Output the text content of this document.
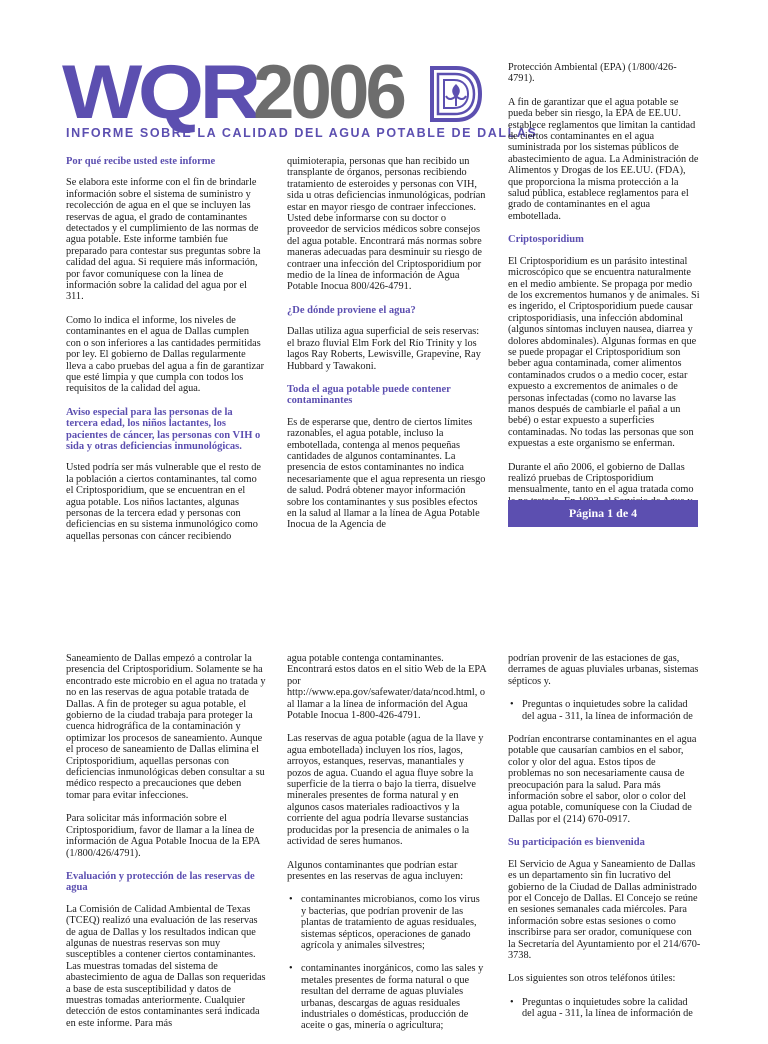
WQR
2006
INFORME SOBRE LA CALIDAD DEL AGUA POTABLE DE DALLAS
Por qué recibe usted este informe

Se elabora este informe con el fin de brindarle información sobre el sistema de suministro y recolección de agua en el que se incluyen las reservas de agua, el grado de contaminantes detectados y el cumplimiento de las normas de agua potable. Este informe también fue preparado para contestar sus preguntas sobre la calidad del agua. Si requiere más información, por favor comuníquese con la línea de información sobre la calidad del agua por el 311.

Como lo indica el informe, los niveles de contaminantes en el agua de Dallas cumplen con o son inferiores a las cantidades permitidas por ley. El gobierno de Dallas regularmente lleva a cabo pruebas del agua a fin de garantizar que esté limpia y que cumpla con todos los requisitos de la calidad del agua.

Aviso especial para las personas de la tercera edad, los niños lactantes, los pacientes de cáncer, las personas con VIH o sida y otras deficiencias inmunológicas.

Usted podría ser más vulnerable que el resto de la población a ciertos contaminantes, tal como el Criptosporidium, que se encuentran en el agua potable. Los niños lactantes, algunas personas de la tercera edad y personas con deficiencias en su sistema inmunológico como aquellas personas con cáncer recibiendo

quimioterapia, personas que han recibido un transplante de órganos, personas recibiendo tratamiento de esteroides y personas con VIH, sida u otras deficiencias inmunológicas, podrían estar en mayor riesgo de contraer infecciones. Usted debe informarse con su doctor o proveedor de servicios médicos sobre consejos del agua potable. Encontrará más normas sobre maneras adecuadas para desminuir su riesgo de contraer una infección del Criptosporidium por medio de la línea de información de Agua Potable Inocua 800/426-4791.

¿De dónde proviene el agua?

Dallas utiliza agua superficial de seis reservas: el brazo fluvial Elm Fork del Río Trinity y los lagos Ray Roberts, Lewisville, Grapevine, Ray Hubbard y Tawakoni.

Toda el agua potable puede contener contaminantes

Es de esperarse que, dentro de ciertos límites razonables, el agua potable, incluso la embotellada, contenga al menos pequeñas cantidades de algunos contaminantes. La presencia de estos contaminantes no indica necesariamente que el agua representa un riesgo de salud. Podrá obtener mayor información sobre los contaminantes y sus posibles efectos en la salud al llamar a la línea de Agua Potable Inocua de la Agencia de

Protección Ambiental (EPA) (1/800/426-4791).

A fin de garantizar que el agua potable se pueda beber sin riesgo, la EPA de EE.UU. establece reglamentos que limitan la cantidad de ciertos contaminantes en el agua suministrada por los sistemas públicos de abastecimiento de agua. La Administración de Alimentos y Drogas de los EE.UU. (FDA), que proporciona la misma protección a la salud pública, establece reglamentos para el grado de contaminantes en el agua embotellada.

Criptosporidium

El Criptosporidium es un parásito intestinal microscópico que se encuentra naturalmente en el medio ambiente. Se propaga por medio de los excrementos humanos y de animales. Si es ingerido, el Criptosporidium puede causar criptosporidiasis, una infección abdominal (algunos síntomas incluyen nausea, diarrea y dolores abdominales). Algunas formas en que se puede propagar el Criptosporidium son beber agua contaminada, comer alimentos contaminados crudos o a medio cocer, estar expuesto a excrementos de animales o de personas infectadas (como no lavarse las manos después de cambiarle el pañal a un bebé) o estar expuesto a superficies contaminadas. No todas las personas que son expuestas a este organismo se enferman.

Durante el año 2006, el gobierno de Dallas realizó pruebas de Criptosporidium mensualmente, tanto en el agua tratada como

Página 1 de 4

Saneamiento de Dallas empezó a controlar la presencia del Criptosporidium. Solamente se ha encontrado este microbio en el agua no tratada y no en las reservas de agua potable tratada de Dallas. A fin de proteger su agua potable, el gobierno de la ciudad trabaja para proteger la cuenca hidrográfica de la contaminación y optimizar los procesos de saneamiento. Aunque el proceso de saneamiento de Dallas elimina el Criptosporidium, aquellas personas con deficiencias inmunológicas deben consultar a su médico respecto a precauciones que deben tomar para evitar infecciones.

Para solicitar más información sobre el Criptosporidium, favor de llamar a la línea de información de Agua Potable Inocua de la EPA (1/800/426/4791).

Evaluación y protección de las reservas de agua

La Comisión de Calidad Ambiental de Texas (TCEQ) realizó una evaluación de las reservas de agua de Dallas y los resultados indican que algunas de nuestras reservas son muy susceptibles a contener ciertos contaminantes. Las muestras tomadas del sistema de abastecimiento de agua de Dallas son requeridas a base de esta susceptibilidad y datos de muestras tomadas anteriormente. Cualquier detección de estos contaminantes será indicada en este informe. Para más

agua potable contenga contaminantes. Encontrará estos datos en el sitio Web de la EPA por http://www.epa.gov/safewater/data/ncod.html, o al llamar a la línea de información del Agua Potable Inocua 1-800-426-4791.

Las reservas de agua potable (agua de la llave y agua embotellada) incluyen los ríos, lagos, arroyos, estanques, reservas, manantiales y pozos de agua. Cuando el agua fluye sobre la superficie de la tierra o bajo la tierra, disuelve minerales presentes de forma natural y en algunos casos materiales radioactivos y la corriente del agua podría llevarse sustancias producidas por la presencia de animales o la actividad de seres humanos.

Algunos contaminantes que podrían estar presentes en las reservas de agua incluyen:

• contaminantes microbianos, como los virus y bacterias, que podrían provenir de las plantas de tratamiento de aguas residuales, sistemas sépticos, operaciones de ganado agrícola y animales silvestres;
• contaminantes inorgánicos, como las sales y metales presentes de forma natural o que resultan del derrame de aguas pluviales urbanas, descargas de aguas residuales industriales o domésticas, producción de aceite o gas, minería o agricultura;

podrían provenir de las estaciones de gas, derrames de aguas pluviales urbanas, sistemas sépticos y.

• Preguntas o inquietudes sobre la calidad del agua - 311, la línea de información de

Podrían encontrarse contaminantes en el agua potable que causarían cambios en el sabor, color y olor del agua. Estos tipos de problemas no son necesariamente causa de preocupación para la salud. Para más información sobre el sabor, olor o color del agua potable, comuníquese con la Ciudad de Dallas por el (214) 670-0917.

Su participación es bienvenida

El Servicio de Agua y Saneamiento de Dallas es un departamento sin fin lucrativo del gobierno de la Ciudad de Dallas administrado por el Concejo de Dallas. El Concejo se reúne en sesiones semanales cada miércoles. Para información sobre estas sesiones o como inscribirse para ser orador, comuníquese con la Secretaría del Ayuntamiento por el 214/670-3738.

Los siguientes son otros teléfonos útiles:

• Preguntas o inquietudes sobre la calidad del agua - 311, la línea de información de
